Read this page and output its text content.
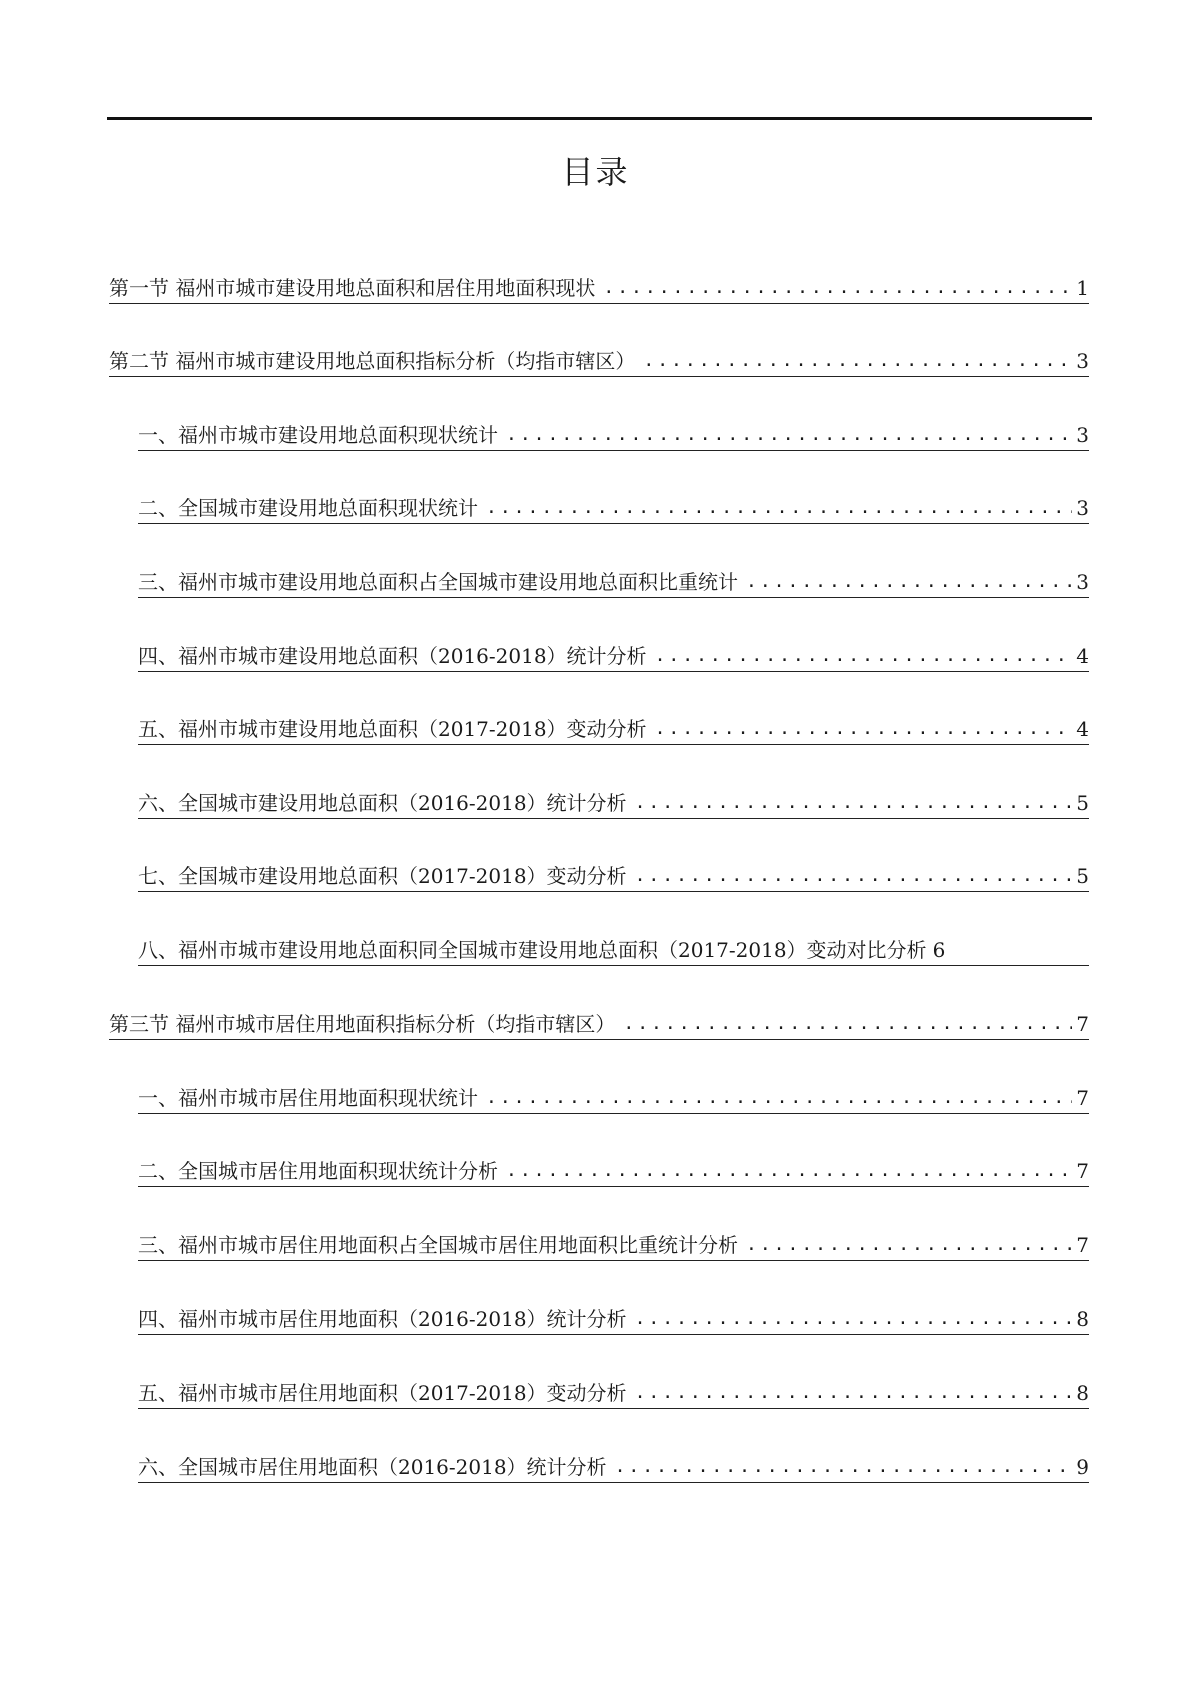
目录
第一节 福州市城市建设用地总面积和居住用地面积现状 .....	1
第二节 福州市城市建设用地总面积指标分析（均指市辖区） .....	3
一、福州市城市建设用地总面积现状统计 .....	3
二、全国城市建设用地总面积现状统计 .....	3
三、福州市城市建设用地总面积占全国城市建设用地总面积比重统计 .....	3
四、福州市城市建设用地总面积（2016-2018）统计分析 .....	4
五、福州市城市建设用地总面积（2017-2018）变动分析 .....	4
六、全国城市建设用地总面积（2016-2018）统计分析 .....	5
七、全国城市建设用地总面积（2017-2018）变动分析 .....	5
八、福州市城市建设用地总面积同全国城市建设用地总面积（2017-2018）变动对比分析 6
第三节 福州市城市居住用地面积指标分析（均指市辖区） .....	7
一、福州市城市居住用地面积现状统计 .....	7
二、全国城市居住用地面积现状统计分析 .....	7
三、福州市城市居住用地面积占全国城市居住用地面积比重统计分析 .....	7
四、福州市城市居住用地面积（2016-2018）统计分析 .....	8
五、福州市城市居住用地面积（2017-2018）变动分析 .....	8
六、全国城市居住用地面积（2016-2018）统计分析 .....	9
